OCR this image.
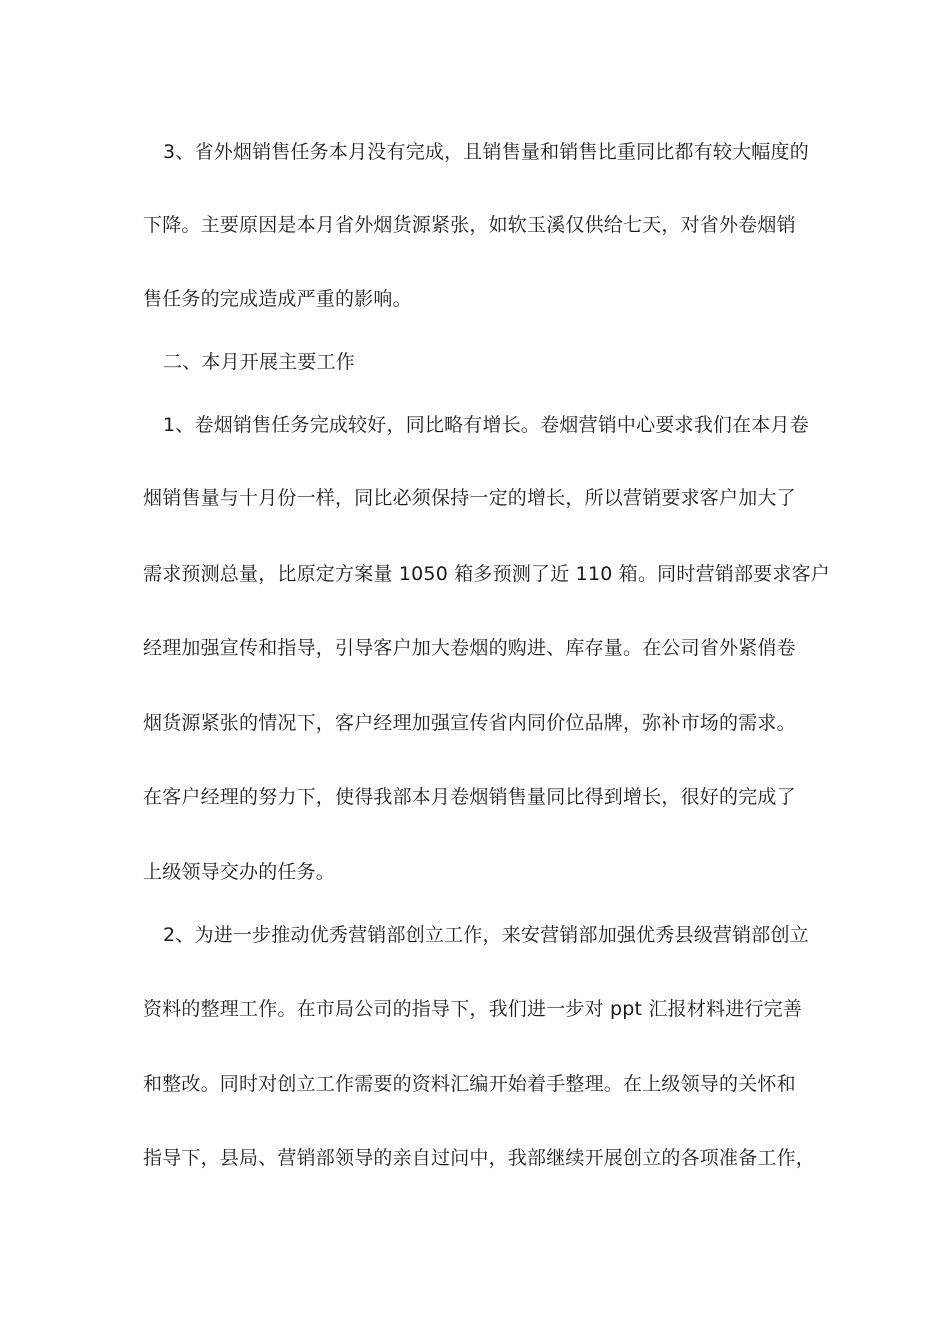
3、省外烟销售任务本月没有完成，且销售量和销售比重同比都有较大幅度的
下降。主要原因是本月省外烟货源紧张，如软玉溪仅供给七天，对省外卷烟销
售任务的完成造成严重的影响。
二、本月开展主要工作
1、卷烟销售任务完成较好，同比略有增长。卷烟营销中心要求我们在本月卷
烟销售量与十月份一样，同比必须保持一定的增长，所以营销要求客户加大了
需求预测总量，比原定方案量 1050 箱多预测了近 110 箱。同时营销部要求客户
经理加强宣传和指导，引导客户加大卷烟的购进、库存量。在公司省外紧俏卷
烟货源紧张的情况下，客户经理加强宣传省内同价位品牌，弥补市场的需求。
在客户经理的努力下，使得我部本月卷烟销售量同比得到增长，很好的完成了
上级领导交办的任务。
2、为进一步推动优秀营销部创立工作，来安营销部加强优秀县级营销部创立
资料的整理工作。在市局公司的指导下，我们进一步对 ppt 汇报材料进行完善
和整改。同时对创立工作需要的资料汇编开始着手整理。在上级领导的关怀和
指导下，县局、营销部领导的亲自过问中，我部继续开展创立的各项准备工作，
